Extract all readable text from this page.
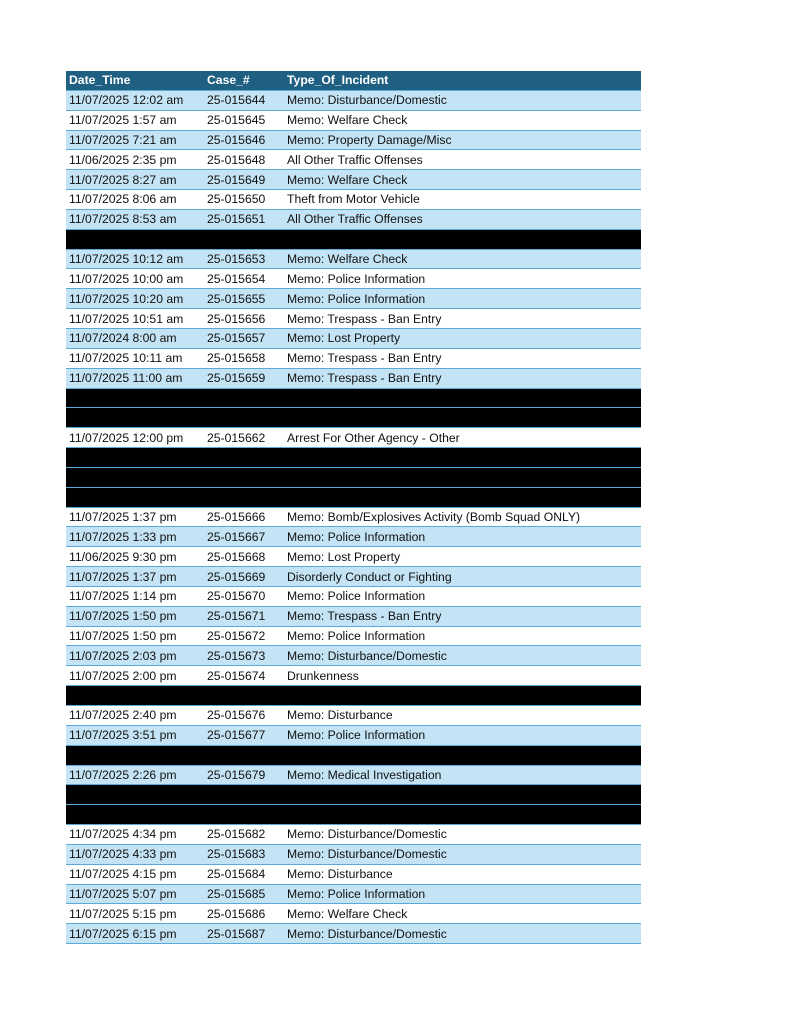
Date_Time	Case_#	Type_Of_Incident
11/07/2025 12:02 am	25-015644	Memo: Disturbance/Domestic
11/07/2025 1:57 am	25-015645	Memo: Welfare Check
11/07/2025 7:21 am	25-015646	Memo: Property Damage/Misc
11/06/2025 2:35 pm	25-015648	All Other Traffic Offenses
11/07/2025 8:27 am	25-015649	Memo: Welfare Check
11/07/2025 8:06 am	25-015650	Theft from Motor Vehicle
11/07/2025 8:53 am	25-015651	All Other Traffic Offenses
11/07/2025 10:12 am	25-015653	Memo: Welfare Check
11/07/2025 10:00 am	25-015654	Memo: Police Information
11/07/2025 10:20 am	25-015655	Memo: Police Information
11/07/2025 10:51 am	25-015656	Memo: Trespass - Ban Entry
11/07/2024 8:00 am	25-015657	Memo: Lost Property
11/07/2025 10:11 am	25-015658	Memo: Trespass - Ban Entry
11/07/2025 11:00 am	25-015659	Memo: Trespass - Ban Entry
11/07/2025 12:00 pm	25-015662	Arrest For Other Agency - Other
11/07/2025 1:37 pm	25-015666	Memo: Bomb/Explosives Activity (Bomb Squad ONLY)
11/07/2025 1:33 pm	25-015667	Memo: Police Information
11/06/2025 9:30 pm	25-015668	Memo: Lost Property
11/07/2025 1:37 pm	25-015669	Disorderly Conduct or Fighting
11/07/2025 1:14 pm	25-015670	Memo: Police Information
11/07/2025 1:50 pm	25-015671	Memo: Trespass - Ban Entry
11/07/2025 1:50 pm	25-015672	Memo: Police Information
11/07/2025 2:03 pm	25-015673	Memo: Disturbance/Domestic
11/07/2025 2:00 pm	25-015674	Drunkenness
11/07/2025 2:40 pm	25-015676	Memo: Disturbance
11/07/2025 3:51 pm	25-015677	Memo: Police Information
11/07/2025 2:26 pm	25-015679	Memo: Medical Investigation
11/07/2025 4:34 pm	25-015682	Memo: Disturbance/Domestic
11/07/2025 4:33 pm	25-015683	Memo: Disturbance/Domestic
11/07/2025 4:15 pm	25-015684	Memo: Disturbance
11/07/2025 5:07 pm	25-015685	Memo: Police Information
11/07/2025 5:15 pm	25-015686	Memo: Welfare Check
11/07/2025 6:15 pm	25-015687	Memo: Disturbance/Domestic
